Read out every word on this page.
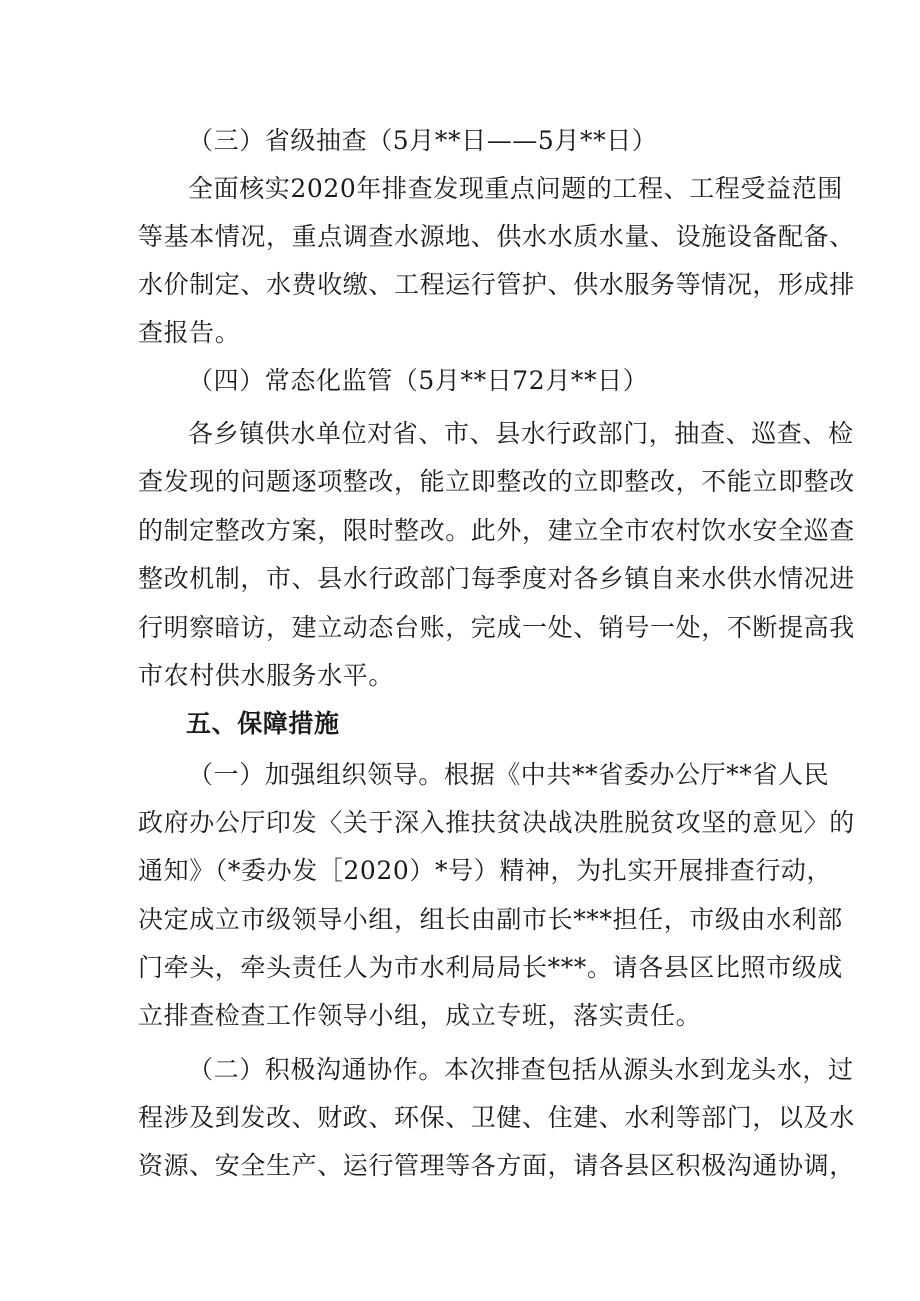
（三）省级抽查（5月**日——5月**日）
全面核实2020年排查发现重点问题的工程、工程受益范围
等基本情况，重点调查水源地、供水水质水量、设施设备配备、
水价制定、水费收缴、工程运行管护、供水服务等情况，形成排
查报告。
（四）常态化监管（5月**日72月**日）
各乡镇供水单位对省、市、县水行政部门，抽查、巡查、检
查发现的问题逐项整改，能立即整改的立即整改，不能立即整改
的制定整改方案，限时整改。此外，建立全市农村饮水安全巡查
整改机制，市、县水行政部门每季度对各乡镇自来水供水情况进
行明察暗访，建立动态台账，完成一处、销号一处，不断提高我
市农村供水服务水平。
五、保障措施
（一）加强组织领导。根据《中共**省委办公厅**省人民
政府办公厅印发〈关于深入推扶贫决战决胜脱贫攻坚的意见〉的
通知》（*委办发［2020）*号）精神，为扎实开展排查行动，
决定成立市级领导小组，组长由副市长***担任，市级由水利部
门牵头，牵头责任人为市水利局局长***。请各县区比照市级成
立排查检查工作领导小组，成立专班，落实责任。
（二）积极沟通协作。本次排查包括从源头水到龙头水，过
程涉及到发改、财政、环保、卫健、住建、水利等部门，以及水
资源、安全生产、运行管理等各方面，请各县区积极沟通协调，
